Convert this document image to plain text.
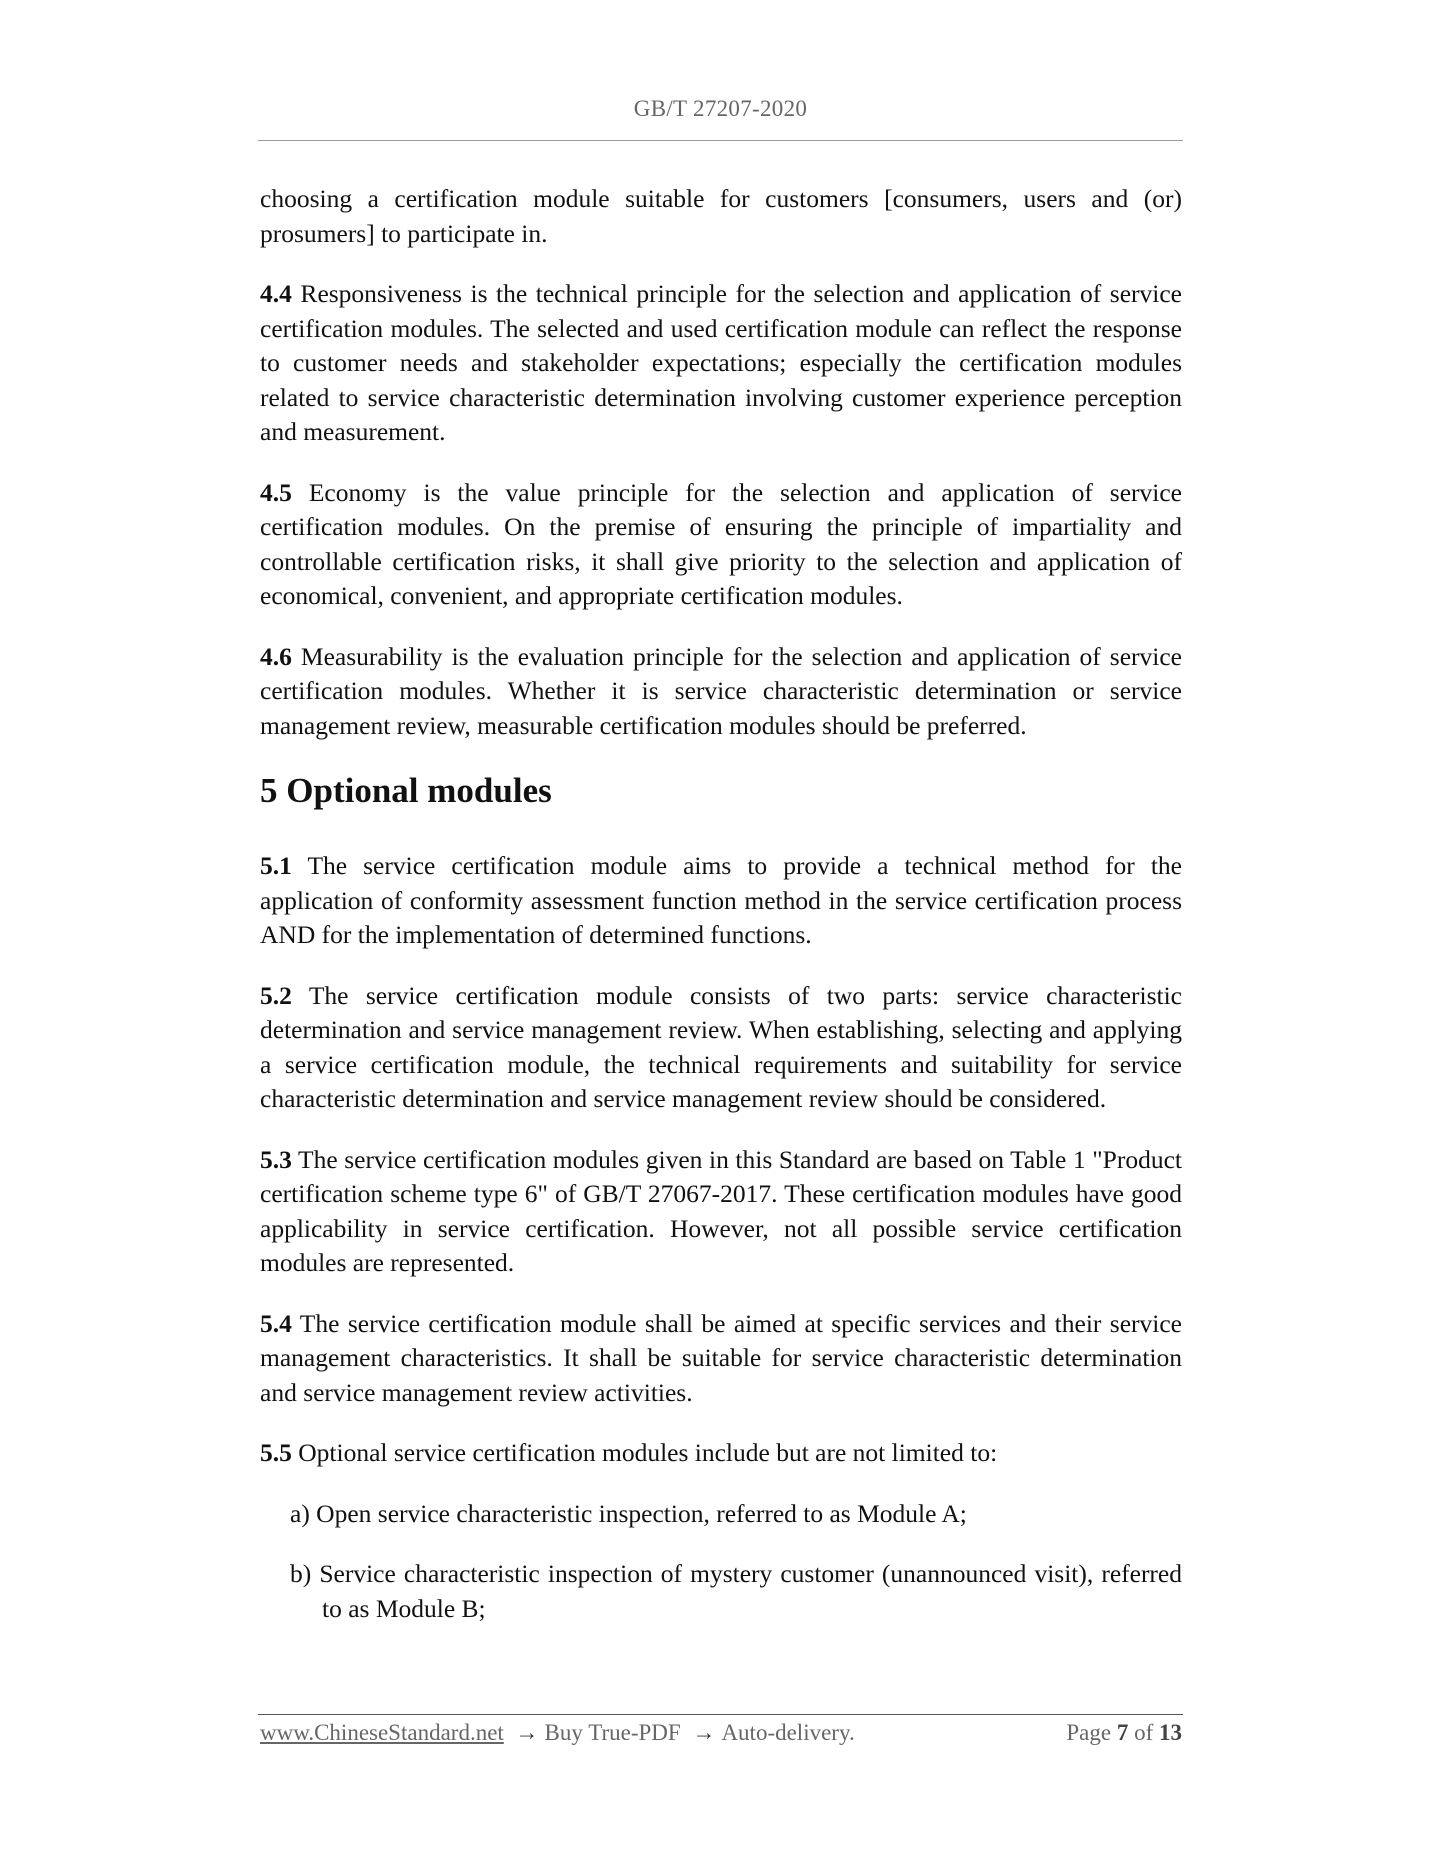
GB/T 27207-2020

choosing a certification module suitable for customers [consumers, users and (or) prosumers] to participate in.

4.4 Responsiveness is the technical principle for the selection and application of service certification modules. The selected and used certification module can reflect the response to customer needs and stakeholder expectations; especially the certification modules related to service characteristic determination involving customer experience perception and measurement.

4.5 Economy is the value principle for the selection and application of service certification modules. On the premise of ensuring the principle of impartiality and controllable certification risks, it shall give priority to the selection and application of economical, convenient, and appropriate certification modules.

4.6 Measurability is the evaluation principle for the selection and application of service certification modules. Whether it is service characteristic determination or service management review, measurable certification modules should be preferred.

5 Optional modules

5.1 The service certification module aims to provide a technical method for the application of conformity assessment function method in the service certification process AND for the implementation of determined functions.

5.2 The service certification module consists of two parts: service characteristic determination and service management review. When establishing, selecting and applying a service certification module, the technical requirements and suitability for service characteristic determination and service management review should be considered.

5.3 The service certification modules given in this Standard are based on Table 1 "Product certification scheme type 6" of GB/T 27067-2017. These certification modules have good applicability in service certification. However, not all possible service certification modules are represented.

5.4 The service certification module shall be aimed at specific services and their service management characteristics. It shall be suitable for service characteristic determination and service management review activities.

5.5 Optional service certification modules include but are not limited to:

a) Open service characteristic inspection, referred to as Module A;

b) Service characteristic inspection of mystery customer (unannounced visit), referred to as Module B;

www.ChineseStandard.net → Buy True-PDF → Auto-delivery.	Page 7 of 13
